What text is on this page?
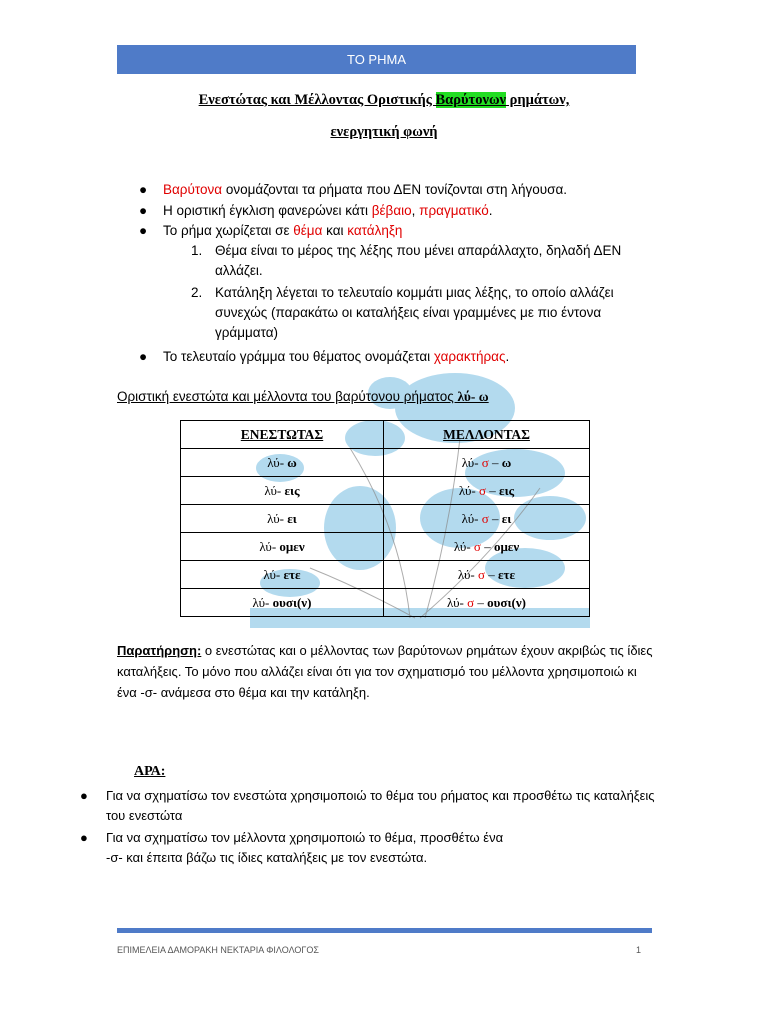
ΤΟ ΡΗΜΑ
Ενεστώτας και Μέλλοντας Οριστικής Βαρύτονων ρημάτων,
ενεργητική φωνή
● Βαρύτονα ονομάζονται τα ρήματα που ΔΕΝ τονίζονται στη λήγουσα.
● Η οριστική έγκλιση φανερώνει κάτι βέβαιο, πραγματικό.
● Το ρήμα χωρίζεται σε θέμα και κατάληξη
1. Θέμα είναι το μέρος της λέξης που μένει απαράλλαχτο, δηλαδή ΔΕΝ αλλάζει.
2. Κατάληξη λέγεται το τελευταίο κομμάτι μιας λέξης, το οποίο αλλάζει συνεχώς (παρακάτω οι καταλήξεις είναι γραμμένες με πιο έντονα γράμματα)
● Το τελευταίο γράμμα του θέματος ονομάζεται χαρακτήρας.
Οριστική ενεστώτα και μέλλοντα του βαρύτονου ρήματος λύ- ω
ΕΝΕΣΤΩΤΑΣ	ΜΕΛΛΟΝΤΑΣ
λύ- ω	λύ- σ – ω
λύ- εις	λύ- σ – εις
λύ- ει	λύ- σ – ει
λύ- ομεν	λύ- σ – ομεν
λύ- ετε	λύ- σ – ετε
λύ- ουσι(ν)	λύ- σ – ουσι(ν)
Παρατήρηση: ο ενεστώτας και ο μέλλοντας των βαρύτονων ρημάτων έχουν ακριβώς τις ίδιες καταλήξεις. Το μόνο που αλλάζει είναι ότι για τον σχηματισμό του μέλλοντα χρησιμοποιώ κι ένα -σ- ανάμεσα στο θέμα και την κατάληξη.
ΑΡΑ:
● Για να σχηματίσω τον ενεστώτα χρησιμοποιώ το θέμα του ρήματος και προσθέτω τις καταλήξεις του ενεστώτα
● Για να σχηματίσω τον μέλλοντα χρησιμοποιώ το θέμα, προσθέτω ένα
-σ- και έπειτα βάζω τις ίδιες καταλήξεις με τον ενεστώτα.
ΕΠΙΜΕΛΕΙΑ ΔΑΜΟΡΑΚΗ ΝΕΚΤΑΡΙΑ ΦΙΛΟΛΟΓΟΣ	1
